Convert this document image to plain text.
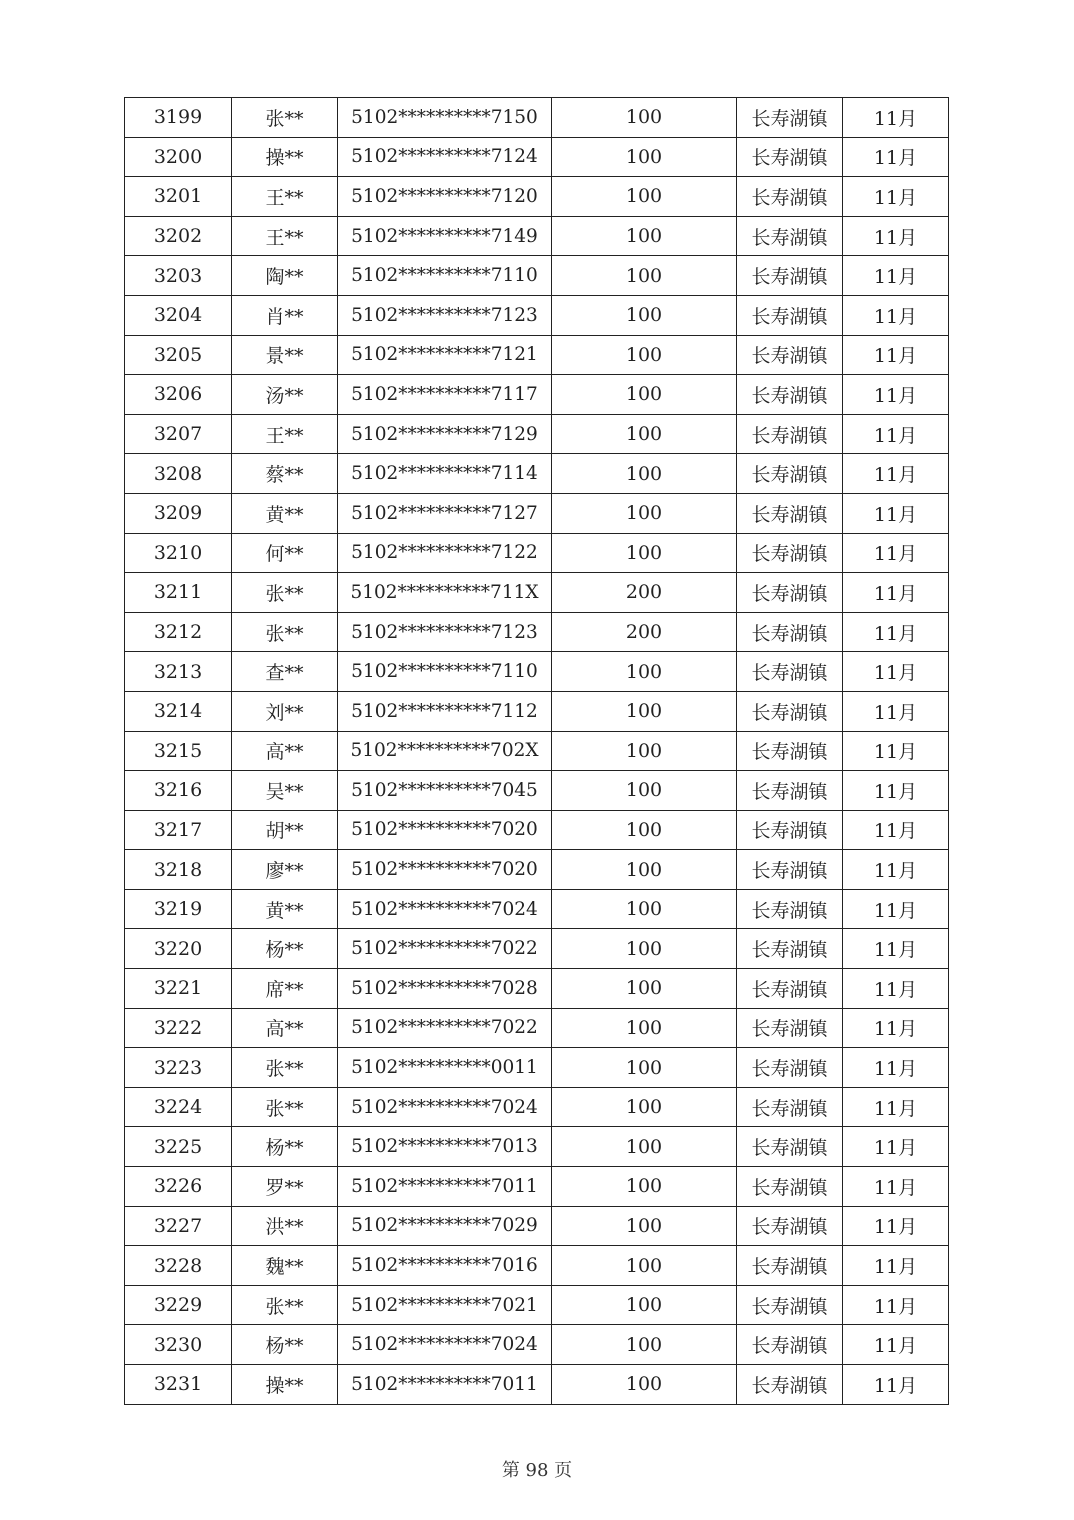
3199	张**	5102**********7150	100	长寿湖镇	11月
3200	操**	5102**********7124	100	长寿湖镇	11月
3201	王**	5102**********7120	100	长寿湖镇	11月
3202	王**	5102**********7149	100	长寿湖镇	11月
3203	陶**	5102**********7110	100	长寿湖镇	11月
3204	肖**	5102**********7123	100	长寿湖镇	11月
3205	景**	5102**********7121	100	长寿湖镇	11月
3206	汤**	5102**********7117	100	长寿湖镇	11月
3207	王**	5102**********7129	100	长寿湖镇	11月
3208	蔡**	5102**********7114	100	长寿湖镇	11月
3209	黄**	5102**********7127	100	长寿湖镇	11月
3210	何**	5102**********7122	100	长寿湖镇	11月
3211	张**	5102**********711X	200	长寿湖镇	11月
3212	张**	5102**********7123	200	长寿湖镇	11月
3213	查**	5102**********7110	100	长寿湖镇	11月
3214	刘**	5102**********7112	100	长寿湖镇	11月
3215	高**	5102**********702X	100	长寿湖镇	11月
3216	吴**	5102**********7045	100	长寿湖镇	11月
3217	胡**	5102**********7020	100	长寿湖镇	11月
3218	廖**	5102**********7020	100	长寿湖镇	11月
3219	黄**	5102**********7024	100	长寿湖镇	11月
3220	杨**	5102**********7022	100	长寿湖镇	11月
3221	席**	5102**********7028	100	长寿湖镇	11月
3222	高**	5102**********7022	100	长寿湖镇	11月
3223	张**	5102**********0011	100	长寿湖镇	11月
3224	张**	5102**********7024	100	长寿湖镇	11月
3225	杨**	5102**********7013	100	长寿湖镇	11月
3226	罗**	5102**********7011	100	长寿湖镇	11月
3227	洪**	5102**********7029	100	长寿湖镇	11月
3228	魏**	5102**********7016	100	长寿湖镇	11月
3229	张**	5102**********7021	100	长寿湖镇	11月
3230	杨**	5102**********7024	100	长寿湖镇	11月
3231	操**	5102**********7011	100	长寿湖镇	11月
第 98 页
